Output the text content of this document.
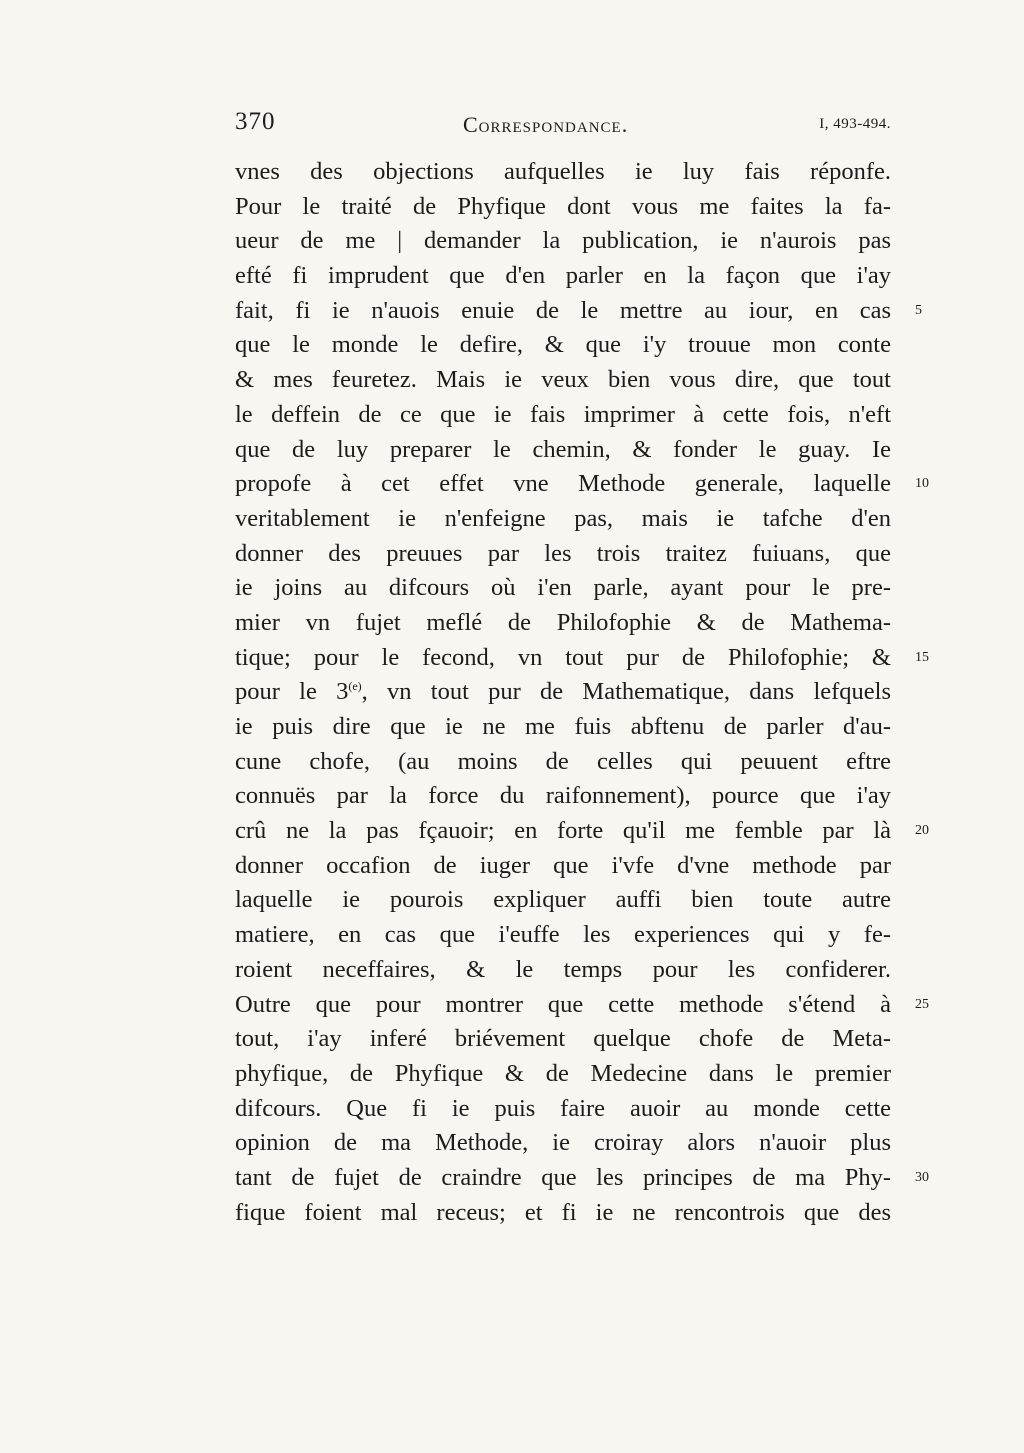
370	Correspondance.	I, 493-494.
vnes des objections aufquelles ie luy fais réponfe.
Pour le traité de Phyfique dont vous me faites la fa-
ueur de me | demander la publication, ie n'aurois pas
efté fi imprudent que d'en parler en la façon que i'ay
fait, fi ie n'auois enuie de le mettre au iour, en cas 5
que le monde le defire, & que i'y trouue mon conte
& mes feuretez. Mais ie veux bien vous dire, que tout
le deffein de ce que ie fais imprimer à cette fois, n'eft
que de luy preparer le chemin, & fonder le guay. Ie
propofe à cet effet vne Methode generale, laquelle 10
veritablement ie n'enfeigne pas, mais ie tafche d'en
donner des preuues par les trois traitez fuiuans, que
ie joins au difcours où i'en parle, ayant pour le pre-
mier vn fujet meflé de Philofophie & de Mathema-
tique; pour le fecond, vn tout pur de Philofophie; & 15
pour le 3$^{(e)}$, vn tout pur de Mathematique, dans lefquels
ie puis dire que ie ne me fuis abftenu de parler d'au-
cune chofe, (au moins de celles qui peuuent eftre
connuës par la force du raifonnement), pource que i'ay
crû ne la pas fçauoir; en forte qu'il me femble par là 20
donner occafion de iuger que i'vfe d'vne methode par
laquelle ie pourois expliquer auffi bien toute autre
matiere, en cas que i'euffe les experiences qui y fe-
roient neceffaires, & le temps pour les confiderer.
Outre que pour montrer que cette methode s'étend à 25
tout, i'ay inferé briévement quelque chofe de Meta-
phyfique, de Phyfique & de Medecine dans le premier
difcours. Que fi ie puis faire auoir au monde cette
opinion de ma Methode, ie croiray alors n'auoir plus
tant de fujet de craindre que les principes de ma Phy- 30
fique foient mal receus; et fi ie ne rencontrois que des
